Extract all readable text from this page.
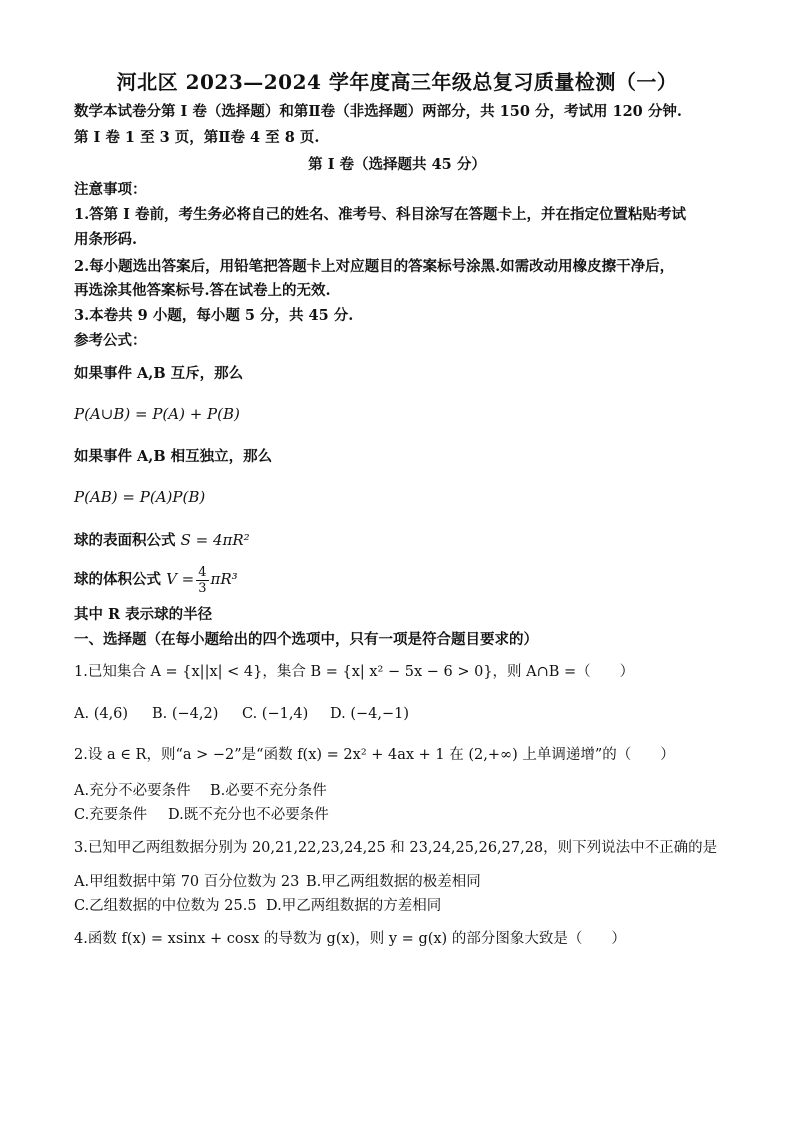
河北区 2023—2024 学年度高三年级总复习质量检测（一）
数学本试卷分第 I 卷（选择题）和第Ⅱ卷（非选择题）两部分，共 150 分，考试用 120 分钟.
第 I 卷 1 至 3 页，第Ⅱ卷 4 至 8 页.
第 I 卷（选择题共 45 分）
注意事项：
1.答第 I 卷前，考生务必将自己的姓名、准考号、科目涂写在答题卡上，并在指定位置粘贴考试
用条形码.
2.每小题选出答案后，用铅笔把答题卡上对应题目的答案标号涂黑.如需改动用橡皮擦干净后，
再选涂其他答案标号.答在试卷上的无效.
3.本卷共 9 小题，每小题 5 分，共 45 分.
参考公式：
如果事件 A,B 互斥，那么
P(A∪B) = P(A) + P(B)
如果事件 A,B 相互独立，那么
P(AB) = P(A)P(B)
球的表面积公式 S = 4πR²
球的体积公式 $V = \frac{4}{3} \pi R^3$
其中 R 表示球的半径
一、选择题（在每小题给出的四个选项中，只有一项是符合题目要求的）
1.已知集合 A = {x||x| < 4}，集合 B = {x| x² − 5x − 6 > 0}，则 A∩B =（　　）
A. (4,6) B. (−4,2) C. (−1,4) D. (−4,−1)
2.设 a ∈ R，则“a > −2”是“函数 f(x) = 2x² + 4ax + 1 在 (2,+∞) 上单调递增”的（　　）
A.充分不必要条件 B.必要不充分条件
C.充要条件 D.既不充分也不必要条件
3.已知甲乙两组数据分别为 20,21,22,23,24,25 和 23,24,25,26,27,28，则下列说法中不正确的是
A.甲组数据中第 70 百分位数为 23 B.甲乙两组数据的极差相同
C.乙组数据的中位数为 25.5 D.甲乙两组数据的方差相同
4.函数 f(x) = xsinx + cosx 的导数为 g(x)，则 y = g(x) 的部分图象大致是（　　）
